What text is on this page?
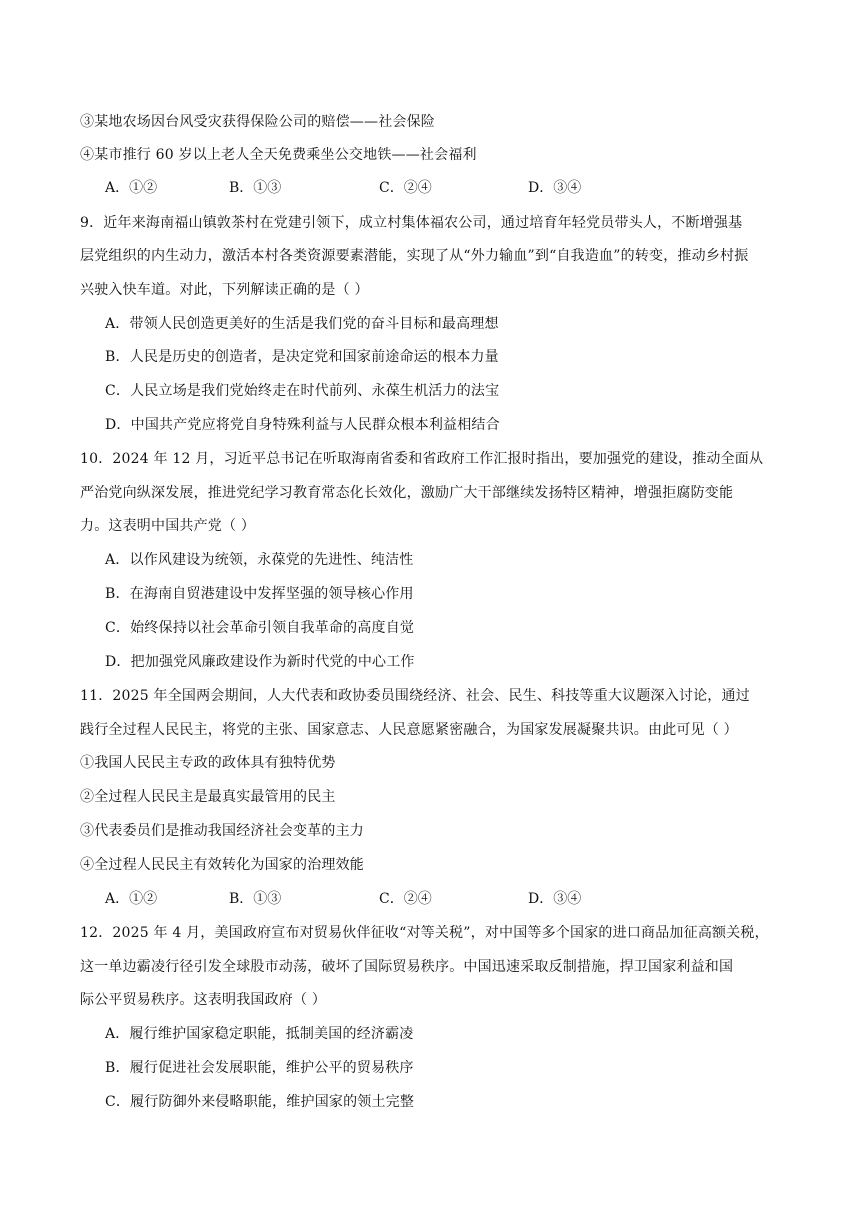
③某地农场因台风受灾获得保险公司的赔偿——社会保险
④某市推行 60 岁以上老人全天免费乘坐公交地铁——社会福利
A．①②	B．①③	C．②④	D．③④
9．近年来海南福山镇敦茶村在党建引领下，成立村集体福农公司，通过培育年轻党员带头人，不断增强基
层党组织的内生动力，激活本村各类资源要素潜能，实现了从“外力输血”到“自我造血”的转变，推动乡村振
兴驶入快车道。对此，下列解读正确的是（ ）
A．带领人民创造更美好的生活是我们党的奋斗目标和最高理想
B．人民是历史的创造者，是决定党和国家前途命运的根本力量
C．人民立场是我们党始终走在时代前列、永葆生机活力的法宝
D．中国共产党应将党自身特殊利益与人民群众根本利益相结合
10．2024 年 12 月，习近平总书记在听取海南省委和省政府工作汇报时指出，要加强党的建设，推动全面从
严治党向纵深发展，推进党纪学习教育常态化长效化，激励广大干部继续发扬特区精神，增强拒腐防变能
力。这表明中国共产党（ ）
A．以作风建设为统领，永葆党的先进性、纯洁性
B．在海南自贸港建设中发挥坚强的领导核心作用
C．始终保持以社会革命引领自我革命的高度自觉
D．把加强党风廉政建设作为新时代党的中心工作
11．2025 年全国两会期间，人大代表和政协委员围绕经济、社会、民生、科技等重大议题深入讨论，通过
践行全过程人民民主，将党的主张、国家意志、人民意愿紧密融合，为国家发展凝聚共识。由此可见（ ）
①我国人民民主专政的政体具有独特优势
②全过程人民民主是最真实最管用的民主
③代表委员们是推动我国经济社会变革的主力
④全过程人民民主有效转化为国家的治理效能
A．①②	B．①③	C．②④	D．③④
12．2025 年 4 月，美国政府宣布对贸易伙伴征收“对等关税”，对中国等多个国家的进口商品加征高额关税，
这一单边霸凌行径引发全球股市动荡，破坏了国际贸易秩序。中国迅速采取反制措施，捍卫国家利益和国
际公平贸易秩序。这表明我国政府（ ）
A．履行维护国家稳定职能，抵制美国的经济霸凌
B．履行促进社会发展职能，维护公平的贸易秩序
C．履行防御外来侵略职能，维护国家的领土完整
